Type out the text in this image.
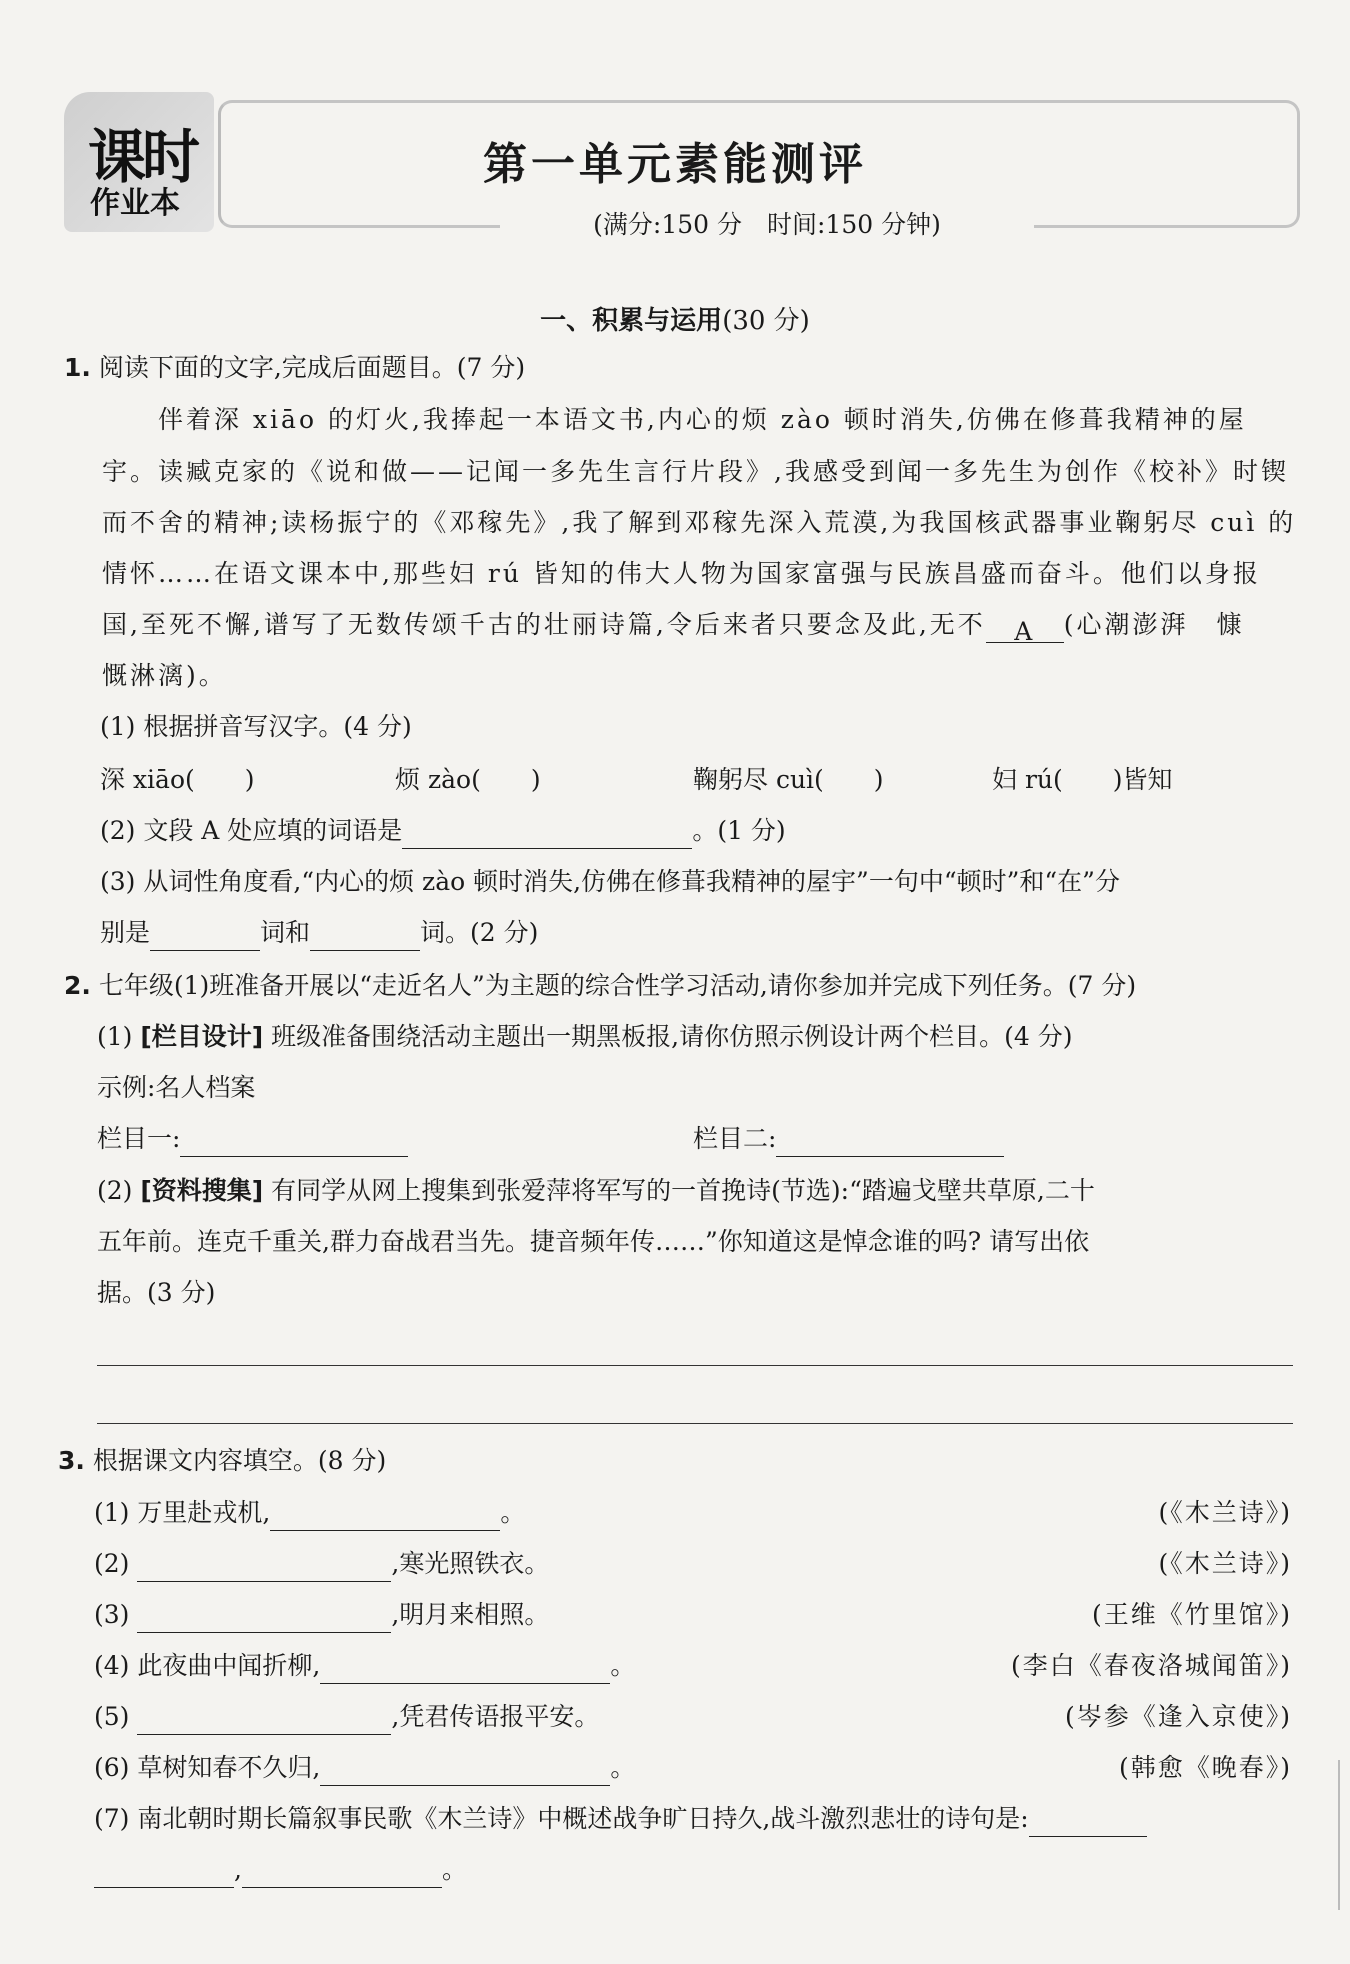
课时
作业本
第一单元素能测评
(满分:150 分　时间:150 分钟)
一、积累与运用(30 分)
1. 阅读下面的文字,完成后面题目。(7 分)
伴着深 xiāo 的灯火,我捧起一本语文书,内心的烦 zào 顿时消失,仿佛在修葺我精神的屋
宇。读臧克家的《说和做——记闻一多先生言行片段》,我感受到闻一多先生为创作《校补》时锲
而不舍的精神;读杨振宁的《邓稼先》,我了解到邓稼先深入荒漠,为我国核武器事业鞠躬尽 cuì 的
情怀……在语文课本中,那些妇 rú 皆知的伟大人物为国家富强与民族昌盛而奋斗。他们以身报
国,至死不懈,谱写了无数传颂千古的壮丽诗篇,令后来者只要念及此,无不 A (心潮澎湃　慷
慨淋漓)。
(1) 根据拼音写汉字。(4 分)
深 xiāo(　　)	烦 zào(　　)	鞠躬尽 cuì(　　)	妇 rú(　　)皆知
(2) 文段 A 处应填的词语是	。(1 分)
(3) 从词性角度看,“内心的烦 zào 顿时消失,仿佛在修葺我精神的屋宇”一句中“顿时”和“在”分
别是	词和	词。(2 分)
2. 七年级(1)班准备开展以“走近名人”为主题的综合性学习活动,请你参加并完成下列任务。(7 分)
(1) [栏目设计] 班级准备围绕活动主题出一期黑板报,请你仿照示例设计两个栏目。(4 分)
示例:名人档案
栏目一:	栏目二:
(2) [资料搜集] 有同学从网上搜集到张爱萍将军写的一首挽诗(节选):“踏遍戈壁共草原,二十
五年前。连克千重关,群力奋战君当先。捷音频年传……”你知道这是悼念谁的吗? 请写出依
据。(3 分)
3. 根据课文内容填空。(8 分)
(1) 万里赴戎机,	。	(《木兰诗》)
(2)	,寒光照铁衣。	(《木兰诗》)
(3)	,明月来相照。	(王维《竹里馆》)
(4) 此夜曲中闻折柳,	。	(李白《春夜洛城闻笛》)
(5)	,凭君传语报平安。	(岑参《逢入京使》)
(6) 草树知春不久归,	。	(韩愈《晚春》)
(7) 南北朝时期长篇叙事民歌《木兰诗》中概述战争旷日持久,战斗激烈悲壮的诗句是:
,	。
